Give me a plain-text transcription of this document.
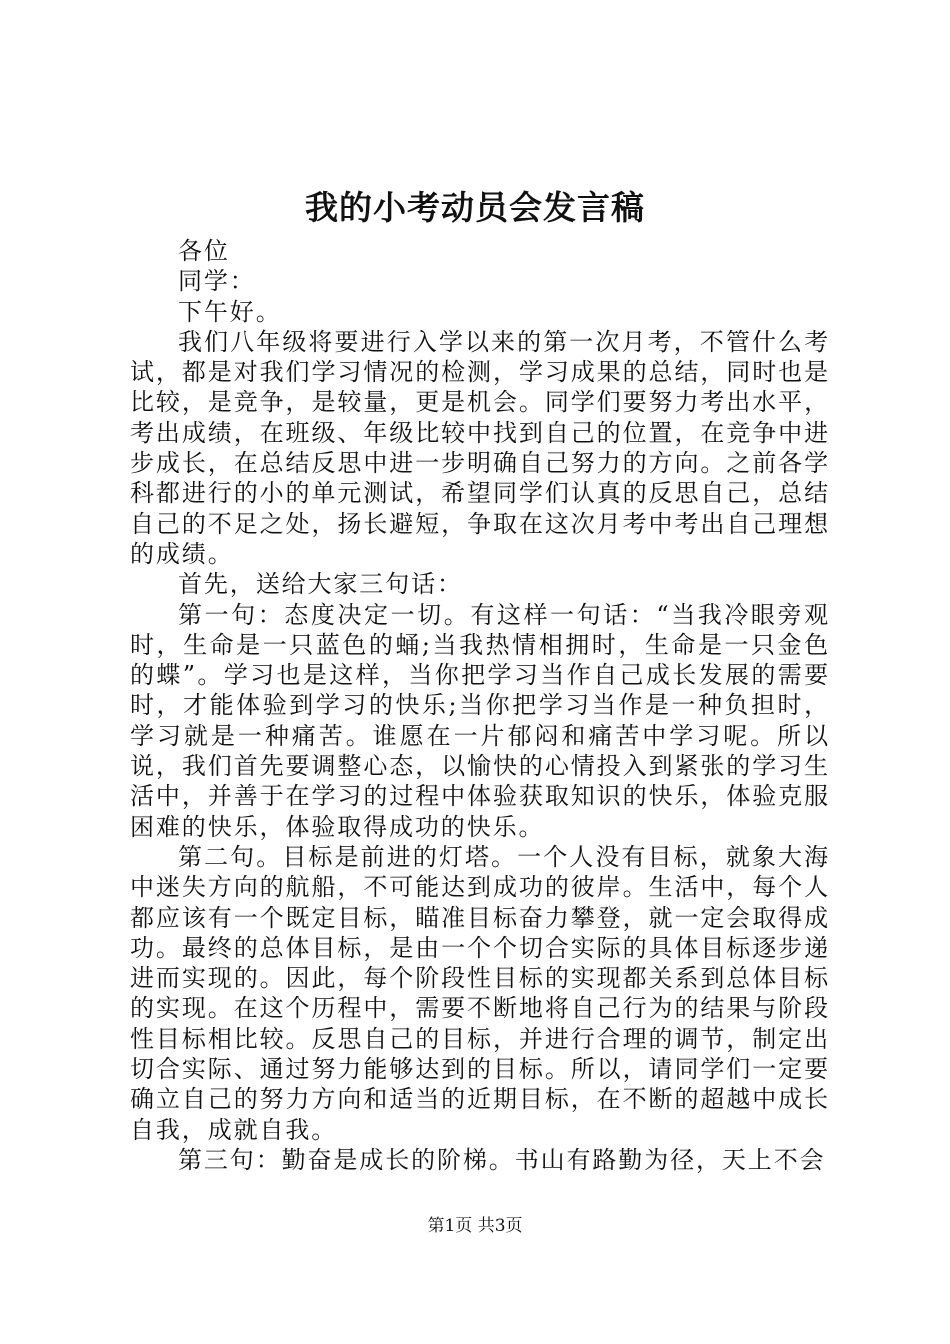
我的小考动员会发言稿

各位

同学：

下午好。

我们八年级将要进行入学以来的第一次月考，不管什么考试，都是对我们学习情况的检测，学习成果的总结，同时也是比较，是竞争，是较量，更是机会。同学们要努力考出水平，考出成绩，在班级、年级比较中找到自己的位置，在竞争中进步成长，在总结反思中进一步明确自己努力的方向。之前各学科都进行的小的单元测试，希望同学们认真的反思自己，总结自己的不足之处，扬长避短，争取在这次月考中考出自己理想的成绩。

首先，送给大家三句话：

第一句：态度决定一切。有这样一句话：“当我冷眼旁观时，生命是一只蓝色的蛹;当我热情相拥时，生命是一只金色的蝶”。学习也是这样，当你把学习当作自己成长发展的需要时，才能体验到学习的快乐;当你把学习当作是一种负担时，学习就是一种痛苦。谁愿在一片郁闷和痛苦中学习呢。所以说，我们首先要调整心态，以愉快的心情投入到紧张的学习生活中，并善于在学习的过程中体验获取知识的快乐，体验克服困难的快乐，体验取得成功的快乐。

第二句。目标是前进的灯塔。一个人没有目标，就象大海中迷失方向的航船，不可能达到成功的彼岸。生活中，每个人都应该有一个既定目标，瞄准目标奋力攀登，就一定会取得成功。最终的总体目标，是由一个个切合实际的具体目标逐步递进而实现的。因此，每个阶段性目标的实现都关系到总体目标的实现。在这个历程中，需要不断地将自己行为的结果与阶段性目标相比较。反思自己的目标，并进行合理的调节，制定出切合实际、通过努力能够达到的目标。所以，请同学们一定要确立自己的努力方向和适当的近期目标，在不断的超越中成长自我，成就自我。

第三句：勤奋是成长的阶梯。书山有路勤为径，天上不会

第1页 共3页
